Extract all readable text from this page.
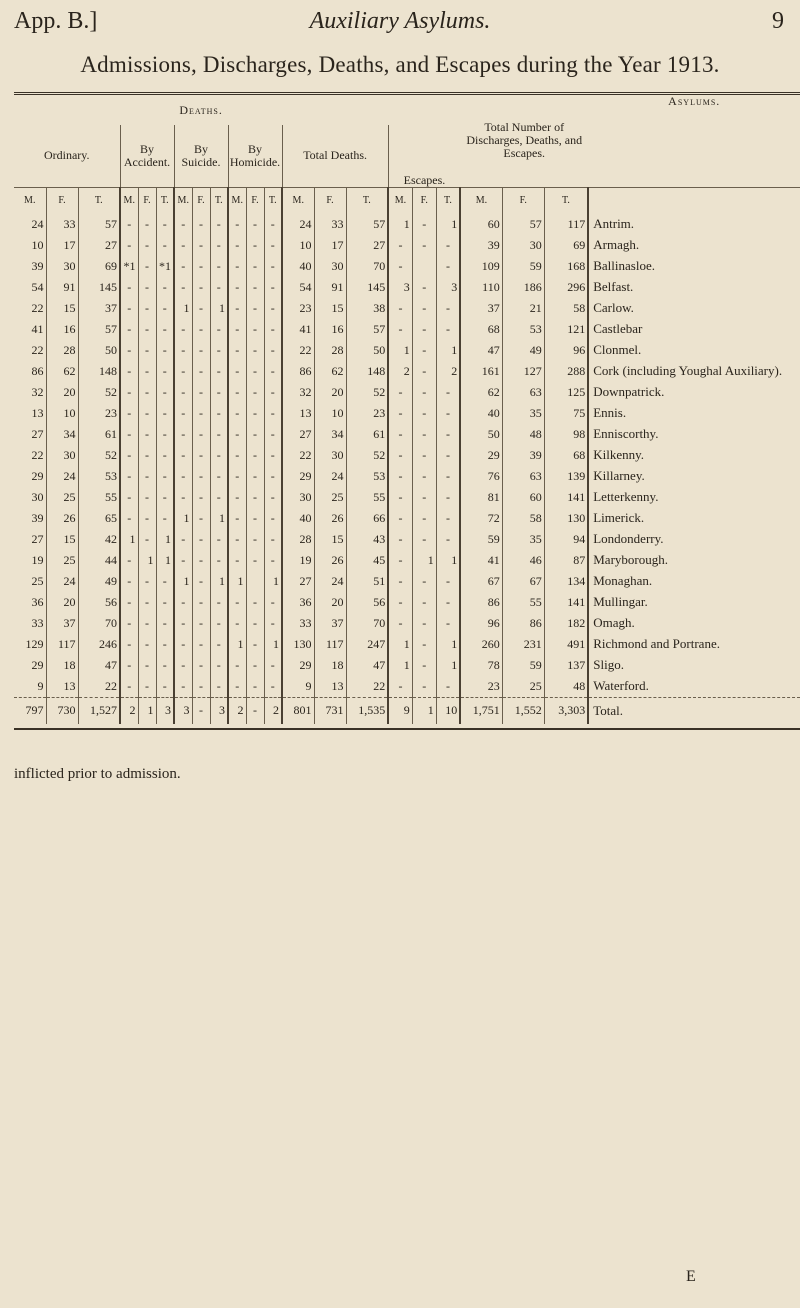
App. B.]	Auxiliary Asylums.	9
Admissions, Discharges, Deaths, and Escapes during the Year 1913.
Deaths.															Escapes.			Total Number of Discharges, Deaths, and Escapes.			Asylums.
Ordinary.			By Accident.			By Suicide.			By Homicide.			Total Deaths.									
M.	F.	T.	M.	F.	T.	M.	F.	T.	M.	F.	T.	M.	F.	T.	M.	F.	T.	M.	F.	T.	
24	33	57	-	-	-	-	-	-	-	-	-	24	33	57	1	-	1	60	57	117	Antrim.
10	17	27	-	-	-	-	-	-	-	-	-	10	17	27	-	-	-	39	30	69	Armagh.
39	30	69	*1	-	*1	-	-	-	-	-	-	40	30	70	-		-	109	59	168	Ballinasloe.
54	91	145	-	-	-	-	-	-	-	-	-	54	91	145	3	-	3	110	186	296	Belfast.
22	15	37	-	-	-	1	-	1	-	-	-	23	15	38	-	-	-	37	21	58	Carlow.
41	16	57	-	-	-	-	-	-	-	-	-	41	16	57	-	-	-	68	53	121	Castlebar
22	28	50	-	-	-	-	-	-	-	-	-	22	28	50	1	-	1	47	49	96	Clonmel.
86	62	148	-	-	-	-	-	-	-	-	-	86	62	148	2	-	2	161	127	288	Cork (including Youghal Auxiliary).
32	20	52	-	-	-	-	-	-	-	-	-	32	20	52	-	-	-	62	63	125	Downpatrick.
13	10	23	-	-	-	-	-	-	-	-	-	13	10	23	-	-	-	40	35	75	Ennis.
27	34	61	-	-	-	-	-	-	-	-	-	27	34	61	-	-	-	50	48	98	Enniscorthy.
22	30	52	-	-	-	-	-	-	-	-	-	22	30	52	-	-	-	29	39	68	Kilkenny.
29	24	53	-	-	-	-	-	-	-	-	-	29	24	53	-	-	-	76	63	139	Killarney.
30	25	55	-	-	-	-	-	-	-	-	-	30	25	55	-	-	-	81	60	141	Letterkenny.
39	26	65	-	-	-	1	-	1	-	-	-	40	26	66	-	-	-	72	58	130	Limerick.
27	15	42	1	-	1	-	-	-	-	-	-	28	15	43	-	-	-	59	35	94	Londonderry.
19	25	44	-	1	1	-	-	-	-	-	-	19	26	45	-	1	1	41	46	87	Maryborough.
25	24	49	-	-	-	1	-	1	1		1	27	24	51	-	-	-	67	67	134	Monaghan.
36	20	56	-	-	-	-	-	-	-	-	-	36	20	56	-	-	-	86	55	141	Mullingar.
33	37	70	-	-	-	-	-	-	-	-	-	33	37	70	-	-	-	96	86	182	Omagh.
129	117	246	-	-	-	-	-	-	1	-	1	130	117	247	1	-	1	260	231	491	Richmond and Portrane.
29	18	47	-	-	-	-	-	-	-	-	-	29	18	47	1	-	1	78	59	137	Sligo.
9	13	22	-	-	-	-	-	-	-	-	-	9	13	22	-	-	-	23	25	48	Waterford.
797	730	1,527	2	1	3	3	-	3	2	-	2	801	731	1,535	9	1	10	1,751	1,552	3,303	Total.
inflicted prior to admission.
E
